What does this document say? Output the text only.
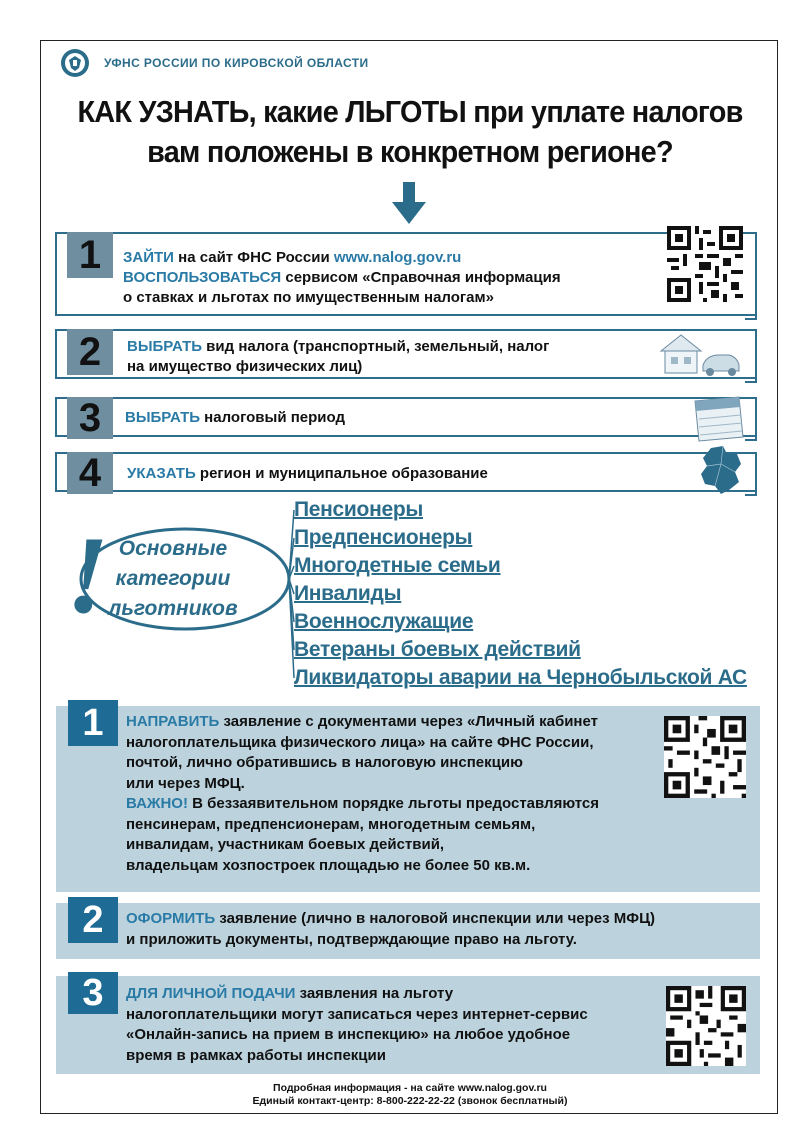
УФНС РОССИИ ПО КИРОВСКОЙ ОБЛАСТИ
КАК УЗНАТЬ, какие ЛЬГОТЫ при уплате налогов
вам положены в конкретном регионе?
1	ЗАЙТИ на сайт ФНС России www.nalog.gov.ru
ВОСПОЛЬЗОВАТЬСЯ сервисом «Справочная информация
о ставках и льготах по имущественным налогам»
2	ВЫБРАТЬ вид налога (транспортный, земельный, налог
на имущество физических лиц)
3	ВЫБРАТЬ налоговый период
4	УКАЗАТЬ регион и муниципальное образование
! Основные
категории
льготников
Пенсионеры
Предпенсионеры
Многодетные семьи
Инвалиды
Военнослужащие
Ветераны боевых действий
Ликвидаторы аварии на Чернобыльской АС
1	НАПРАВИТЬ заявление с документами через «Личный кабинет
налогоплательщика физического лица» на сайте ФНС России,
почтой, лично обратившись в налоговую инспекцию
или через МФЦ.
ВАЖНО! В беззаявительном порядке льготы предоставляются
пенсинерам, предпенсионерам, многодетным семьям,
инвалидам, участникам боевых действий,
владельцам хозпостроек площадью не более 50 кв.м.
2	ОФОРМИТЬ заявление (лично в налоговой инспекции или через МФЦ)
и приложить документы, подтверждающие право на льготу.
3	ДЛЯ ЛИЧНОЙ ПОДАЧИ заявления на льготу
налогоплательщики могут записаться через интернет-сервис
«Онлайн-запись на прием в инспекцию» на любое удобное
время в рамках работы инспекции
Подробная информация - на сайте www.nalog.gov.ru
Единый контакт-центр: 8-800-222-22-22 (звонок бесплатный)
